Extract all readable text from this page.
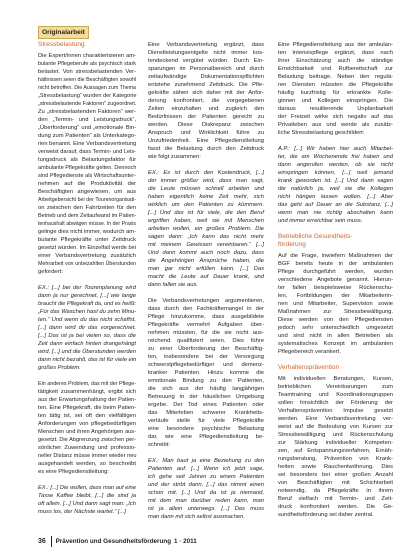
Originalarbeit
Stressbelastung
Die Expert/innen charakterisieren am-
bulante Pflegeberufe als psychisch stark
belastet. Von stressbelastenden Ver-
hältnissen seien die Beschäftigten sowohl
nicht betroffen. Die Aussagen zum Thema
„Stressbelastung“ wurden der Kategorie
„stressbelastende Faktoren“ zugeordnet.
Zu „stressbelastenden Faktoren“ wer-
den „Termin- und Leistungsdruck“,
„Überforderung“ und „emotionale Bin-
dung zum Patienten“ als Unterkatego-
rien benannt. Eine Verbandsvertretung
verweist darauf, dass Termin- und Leis-
tungsdruck als Belastungsfaktor für
ambulante Pflegekräfte gelten. Dennoch
sind Pflegedienste als Wirtschaftsunter-
nehmen auf die Produktivität der
Beschäftigten angewiesen, um aus
Arbeitgebersicht bei der Tourenorganisati-
on zwischen den Fahrtzeiten für den
Betrieb und dem Zeitaufwand im Patien-
tenhaushalt abwägen müsse. In der Praxis
gelinge dies nicht immer, wodurch am-
bulante Pflegekräfte unter Zeitdruck
gesetzt würden. Im Einzelfall werde bei
einer Verbandsvertretung zusätzlich
Mehrarbeit von unbezahlten Überstunden
gefordert:
EX.: [...] bei der Tourenplanung wird
dann ja nur gerechnet, [...] wie lange
braucht die Pflegekraft da, und es heißt:
„Für das Waschen hast du zehn Minu-
ten.“ Und wenn du das nicht schaffst,
[...] dann wird dir das vorgerechnet.
[...] Das ist ja bei vielen so, dass die
Zeit dann einfach hinten drangehängt
wird, [...] und die Überstunden werden
dann nicht bezahlt, das ist für viele ein
großes Problem.
Ein anderes Problem, das mit der Pflege-
tätigkeit zusammenhängt, ergibt sich
aus der Erwartungshaltung der Patien-
ten. Eine Pflegekraft, die beim Patien-
ten tätig ist, sei oft den vielfältigen
Anforderungen von pflegebedürftigen
Menschen und ihren Angehörigen aus-
gesetzt. Die Abgrenzung zwischen per-
sönlicher Zuwendung und professio-
neller Distanz müsse immer wieder neu
ausgehandelt werden, so beschreibt
es eine Pflegedienstleitung:
EX.: [...] Die wollen, dass man auf eine
Tasse Kaffee bleibt, [...] die sind ja
oft allein. [...] Und dann sagt man: „Ich
muss los, der Nächste wartet.“ [...]
Eine Verbandsvertretung ergänzt, dass
Dienstleistungsentgelte nicht immer kos-
tendeckend vergütet würden. Durch Ein-
sparungen im Personalbereich und durch
zeitaufwändige Dokumentationspflichten
entstehe zunehmend Zeitdruck. Die Pfle-
gekräfte sähen sich daher mit der Anfor-
derung konfrontiert, die vorgegebenen
Zeiten einzuhalten und zugleich den
Bedürfnissen der Patienten gerecht zu
werden. Diese Diskrepanz zwischen
Anspruch und Wirklichkeit führe zu
Unzufriedenheit. Eine Pflegedienstleitung
fasst die Belastung durch den Zeitdruck
wie folgt zusammen:
EX.: Es ist durch den Kostendruck, [...]
der immer größer wird, dass man sagt,
die Leute müssen schnell arbeiten und
haben eigentlich keine Zeit mehr, sich
wirklich um den Patienten zu kümmern.
[...] Und das ist für viele, die den Beruf
ergriffen haben, weil sie mit Menschen
arbeiten wollen, ein großes Problem. Die
sagen dann: „Ich kann das nicht mehr
mit meinem Gewissen vereinbaren.“ [...]
Und dann kommt auch noch dazu, dass
die Angehörigen Ansprüche haben, die
man gar nicht erfüllen kann. [...] Das
macht die Leute auf Dauer krank, und
dann fallen sie aus.
Die Verbandsvertretungen argumentieren,
dass durch den Fachkräftemangel in der
Pflege hinzukomme, dass ausgebildete
Pflegekräfte vermehrt Aufgaben über-
nehmen müssten, für die sie nicht aus-
reichend qualifiziert seien. Dies führe
zu einer Überforderung der Beschäftig-
ten, insbesondere bei der Versorgung
schwerstpflegebedürftiger und demenz-
kranker Patienten. Hinzu komme die
emotionale Bindung zu den Patienten,
die sich aus der häufig langjährigen
Betreuung in der häuslichen Umgebung
ergebe. Der Tod eines Patienten oder
das Miterleben schwerer Krankheits-
verläufe stelle für viele Pflegekräfte
eine besondere psychische Belastung
dar, wie eine Pflegedienstleitung be-
schreibt:
EX.: Man baut ja eine Beziehung zu den
Patienten auf. [...] Wenn ich jetzt sage,
ich gehe seit Jahren zu einem Patienten
und der stirbt dann, [...] das nimmt einen
schon mit. [...] Und da ist ja niemand,
mit dem man darüber reden kann, man
ist ja allein unterwegs. [...] Das muss
man dann mit sich selbst ausmachen.
Eine Pflegedienstleitung aus der ambulan-
ten Intensivpflege ergänzt, dass nach
ihrer Einschätzung auch die ständige
Erreichbarkeit und Rufbereitschaft zur
Belastung beitrage. Neben den regulä-
ren Diensten müssten die Pflegekräfte
häufig kurzfristig für erkrankte Kolle-
ginnen und Kollegen einspringen. Die
daraus resultierende Unplanbarkeit
der Freizeit wirke sich negativ auf das
Privatleben aus und werde als zusätz-
liche Stressbelastung geschildert:
A.P.: [...] Wir haben hier auch Mitarbei-
ter, die am Wochenende frei haben und
dann angerufen werden, ob sie nicht
einspringen können, [...] weil jemand
krank geworden ist. [...] Und dann sagen
die natürlich ja, weil sie die Kollegen
nicht hängen lassen wollen. [...] Aber
das geht auf Dauer an die Substanz, [...]
wenn man nie richtig abschalten kann
und immer erreichbar sein muss.
Betriebliche Gesundheits-
förderung
Auf die Frage, inwiefern Maßnahmen der
BGF bereits heute in der ambulanten
Pflege durchgeführt werden, wurden
verschiedene Angebote genannt. Hierun-
ter fallen beispielsweise Rückenschu-
len, Fortbildungen der Mitarbeiterin-
nen und Mitarbeiter, Supervision sowie
Maßnahmen zur Stressbewältigung.
Diese werden von den Pflegediensten
jedoch sehr unterschiedlich umgesetzt
und sind nicht in allen Betrieben als
systematisches Konzept im ambulanten
Pflegebereich verankert.
Verhaltensprävention
Mit individuellen Beratungen, Kursen,
betrieblichen Vereinbarungen zum
Teamtraining und Koordinationsgruppen
sollen hinsichtlich der Förderung der
Verhaltensprävention Impulse gesetzt
werden. Eine Verbandsvertretung ver-
weist auf die Bedeutung von Kursen zur
Stressbewältigung und Rückenschulung
zur Stärkung individueller Kompeten-
zen, auf Entspannungsverfahren, Ernäh-
rungsberatung, Prävention von Krank-
heiten sowie Rauchentwöhnung. Dies
sei besonders bei einer großen Anzahl
von Beschäftigten mit Schichtarbeit
notwendig, da Pflegekräfte in ihrem
Beruf vielfach mit Termin- und Zeit-
druck konfrontiert werden. Die Ge-
sundheitsförderung sei daher zentral.
36 Prävention und Gesundheitsförderung 1 · 2011
